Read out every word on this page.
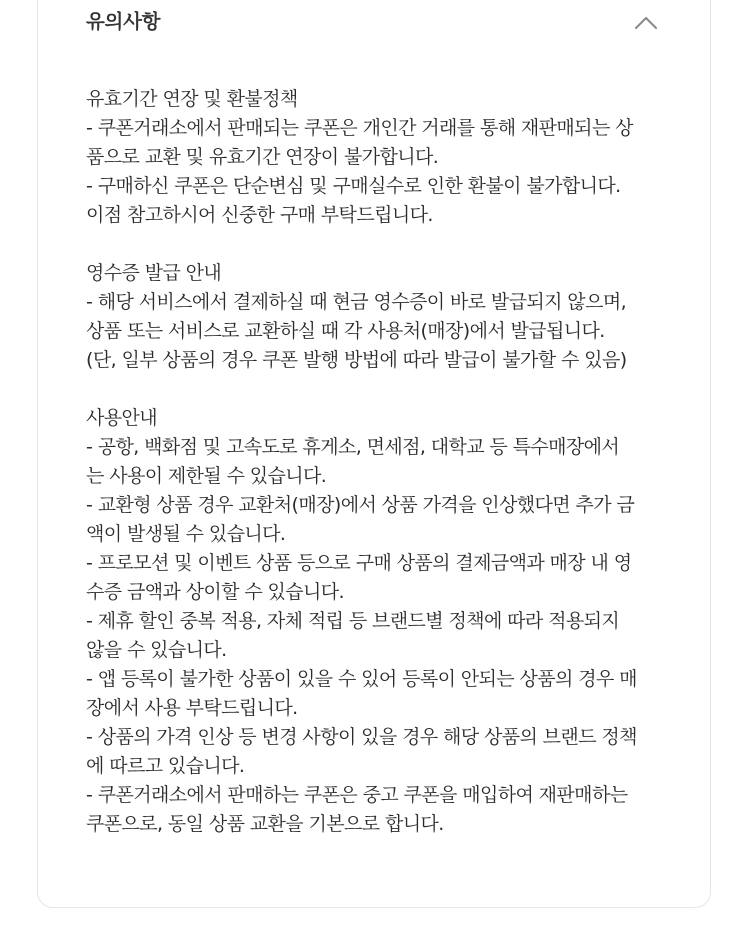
유의사항
유효기간 연장 및 환불정책
- 쿠폰거래소에서 판매되는 쿠폰은 개인간 거래를 통해 재판매되는 상
품으로 교환 및 유효기간 연장이 불가합니다.
- 구매하신 쿠폰은 단순변심 및 구매실수로 인한 환불이 불가합니다.
이점 참고하시어 신중한 구매 부탁드립니다.
영수증 발급 안내
- 해당 서비스에서 결제하실 때 현금 영수증이 바로 발급되지 않으며,
상품 또는 서비스로 교환하실 때 각 사용처(매장)에서 발급됩니다.
(단, 일부 상품의 경우 쿠폰 발행 방법에 따라 발급이 불가할 수 있음)
사용안내
- 공항, 백화점 및 고속도로 휴게소, 면세점, 대학교 등 특수매장에서
는 사용이 제한될 수 있습니다.
- 교환형 상품 경우 교환처(매장)에서 상품 가격을 인상했다면 추가 금
액이 발생될 수 있습니다.
- 프로모션 및 이벤트 상품 등으로 구매 상품의 결제금액과 매장 내 영
수증 금액과 상이할 수 있습니다.
- 제휴 할인 중복 적용, 자체 적립 등 브랜드별 정책에 따라 적용되지
않을 수 있습니다.
- 앱 등록이 불가한 상품이 있을 수 있어 등록이 안되는 상품의 경우 매
장에서 사용 부탁드립니다.
- 상품의 가격 인상 등 변경 사항이 있을 경우 해당 상품의 브랜드 정책
에 따르고 있습니다.
- 쿠폰거래소에서 판매하는 쿠폰은 중고 쿠폰을 매입하여 재판매하는
쿠폰으로, 동일 상품 교환을 기본으로 합니다.
